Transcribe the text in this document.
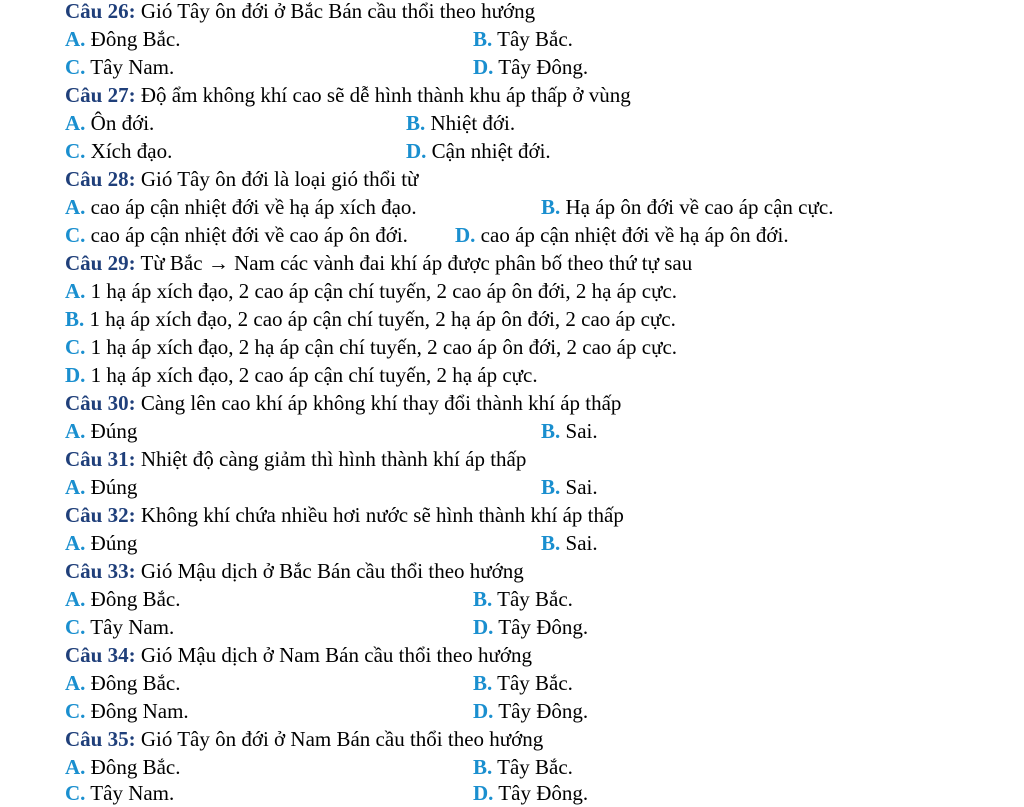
Câu 26: Gió Tây ôn đới ở Bắc Bán cầu thổi theo hướng
A. Đông Bắc.	B. Tây Bắc.
C. Tây Nam.	D. Tây Đông.
Câu 27: Độ ẩm không khí cao sẽ dễ hình thành khu áp thấp ở vùng
A. Ôn đới.	B. Nhiệt đới.
C. Xích đạo.	D. Cận nhiệt đới.
Câu 28: Gió Tây ôn đới là loại gió thổi từ
A. cao áp cận nhiệt đới về hạ áp xích đạo.	B. Hạ áp ôn đới về cao áp cận cực.
C. cao áp cận nhiệt đới về cao áp ôn đới. D. cao áp cận nhiệt đới về hạ áp ôn đới.
Câu 29: Từ Bắc → Nam các vành đai khí áp được phân bố theo thứ tự sau
A. 1 hạ áp xích đạo, 2 cao áp cận chí tuyến, 2 cao áp ôn đới, 2 hạ áp cực.
B. 1 hạ áp xích đạo, 2 cao áp cận chí tuyến, 2 hạ áp ôn đới, 2 cao áp cực.
C. 1 hạ áp xích đạo, 2 hạ áp cận chí tuyến, 2 cao áp ôn đới, 2 cao áp cực.
D. 1 hạ áp xích đạo, 2 cao áp cận chí tuyến, 2 hạ áp cực.
Câu 30: Càng lên cao khí áp không khí thay đổi thành khí áp thấp
A. Đúng	B. Sai.
Câu 31: Nhiệt độ càng giảm thì hình thành khí áp thấp
A. Đúng	B. Sai.
Câu 32: Không khí chứa nhiều hơi nước sẽ hình thành khí áp thấp
A. Đúng	B. Sai.
Câu 33: Gió Mậu dịch ở Bắc Bán cầu thổi theo hướng
A. Đông Bắc.	B. Tây Bắc.
C. Tây Nam.	D. Tây Đông.
Câu 34: Gió Mậu dịch ở Nam Bán cầu thổi theo hướng
A. Đông Bắc.	B. Tây Bắc.
C. Đông Nam.	D. Tây Đông.
Câu 35: Gió Tây ôn đới ở Nam Bán cầu thổi theo hướng
A. Đông Bắc.	B. Tây Bắc.
C. Tây Nam.	D. Tây Đông.
